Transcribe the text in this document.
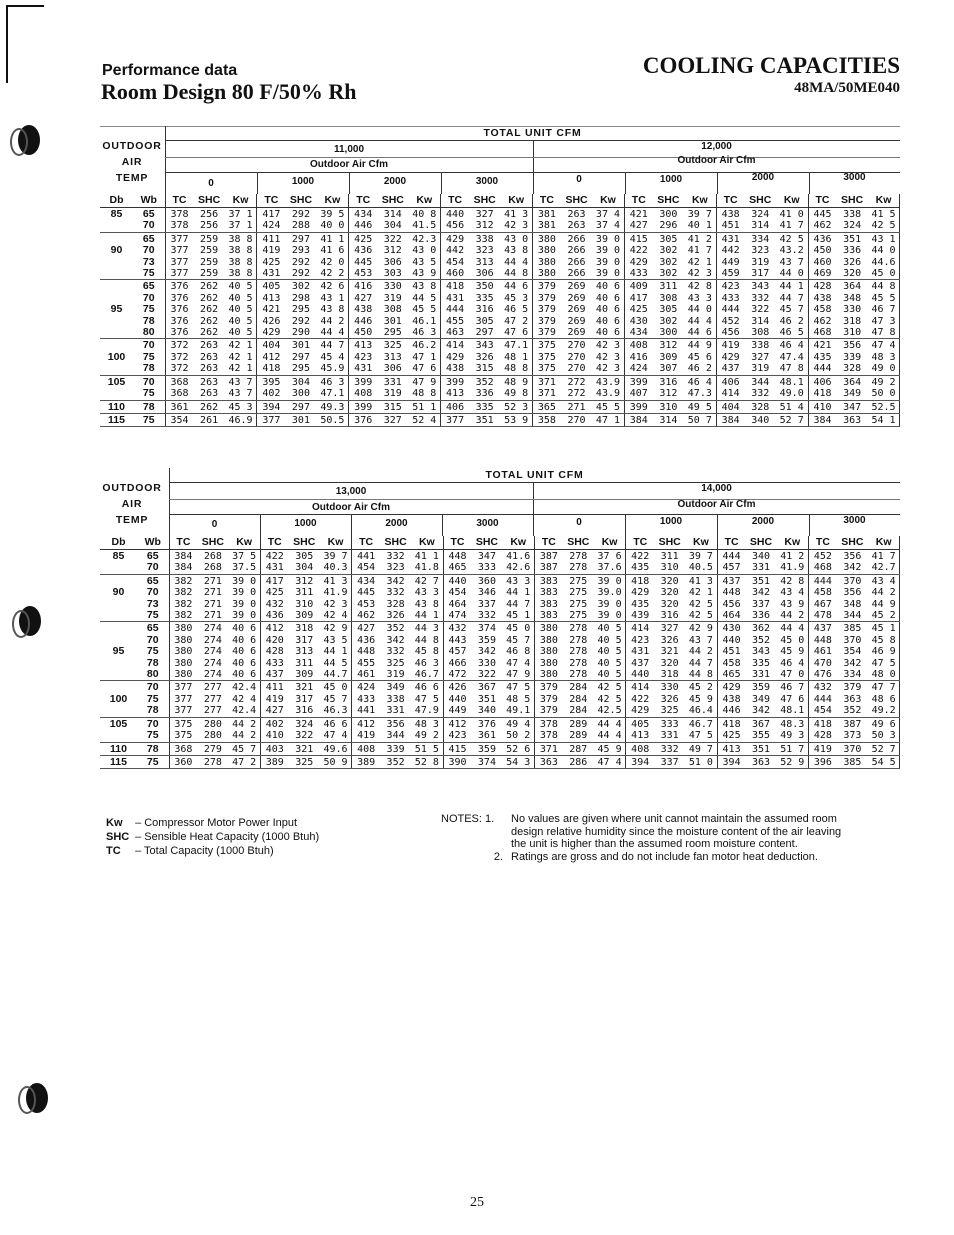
Performance data
Room Design 80 F/50% Rh
COOLING CAPACITIES
48MA/50ME040
OUTDOOR
AIR
TEMP
TOTAL UNIT CFM
11,000	12,000
Outdoor Air Cfm	Outdoor Air Cfm
0	1000	2000	3000	0	1000	2000	3000
Db	Wb	TC	SHC	Kw	TC	SHC	Kw	TC	SHC	Kw	TC	SHC	Kw	TC	SHC	Kw	TC	SHC	Kw	TC	SHC	Kw	TC	SHC	Kw
85	65	378	256	37 1	417	292	39 5	434	314	40 8	440	327	41 3	381	263	37 4	421	300	39 7	438	324	41 0	445	338	41 5
	70	378	256	37 1	424	288	40 0	446	304	41.5	456	312	42 3	381	263	37 4	427	296	40 1	451	314	41 7	462	324	42 5
	65	377	259	38 8	411	297	41 1	425	322	42.3	429	338	43 0	380	266	39 0	415	305	41 2	431	334	42 5	436	351	43 1
90	70	377	259	38 8	419	293	41 6	436	312	43 0	442	323	43 8	380	266	39 0	422	302	41 7	442	323	43.2	450	336	44 0
	73	377	259	38 8	425	292	42 0	445	306	43 5	454	313	44 4	380	266	39 0	429	302	42 1	449	319	43 7	460	326	44.6
	75	377	259	38 8	431	292	42 2	453	303	43 9	460	306	44 8	380	266	39 0	433	302	42 3	459	317	44 0	469	320	45 0
	65	376	262	40 5	405	302	42 6	416	330	43 8	418	350	44 6	379	269	40 6	409	311	42 8	423	343	44 1	428	364	44 8
	70	376	262	40 5	413	298	43 1	427	319	44 5	431	335	45 3	379	269	40 6	417	308	43 3	433	332	44 7	438	348	45 5
95	75	376	262	40 5	421	295	43 8	438	308	45 5	444	316	46 5	379	269	40 6	425	305	44 0	444	322	45 7	458	330	46 7
	78	376	262	40 5	426	292	44 2	446	301	46.1	455	305	47 2	379	269	40 6	430	302	44 4	452	314	46 2	462	318	47 3
	80	376	262	40 5	429	290	44 4	450	295	46 3	463	297	47 6	379	269	40 6	434	300	44 6	456	308	46 5	468	310	47 8
	70	372	263	42 1	404	301	44 7	413	325	46.2	414	343	47.1	375	270	42 3	408	312	44 9	419	338	46 4	421	356	47 4
100	75	372	263	42 1	412	297	45 4	423	313	47 1	429	326	48 1	375	270	42 3	416	309	45 6	429	327	47.4	435	339	48 3
	78	372	263	42 1	418	295	45.9	431	306	47 6	438	315	48 8	375	270	42 3	424	307	46 2	437	319	47 8	444	328	49 0
105	70	368	263	43 7	395	304	46 3	399	331	47 9	399	352	48 9	371	272	43.9	399	316	46 4	406	344	48.1	406	364	49 2
	75	368	263	43 7	402	300	47.1	408	319	48 8	413	336	49 8	371	272	43.9	407	312	47.3	414	332	49.0	418	349	50 0
110	78	361	262	45 3	394	297	49.3	399	315	51 1	406	335	52 3	365	271	45 5	399	310	49 5	404	328	51 4	410	347	52.5
115	75	354	261	46.9	377	301	50.5	376	327	52 4	377	351	53 9	358	270	47 1	384	314	50 7	384	340	52 7	384	363	54 1
OUTDOOR
AIR
TEMP
TOTAL UNIT CFM
13,000	14,000
Outdoor Air Cfm	Outdoor Air Cfm
0	1000	2000	3000	0	1000	2000	3000
Db	Wb	TC	SHC	Kw	TC	SHC	Kw	TC	SHC	Kw	TC	SHC	Kw	TC	SHC	Kw	TC	SHC	Kw	TC	SHC	Kw	TC	SHC	Kw
85	65	384	268	37 5	422	305	39 7	441	332	41 1	448	347	41.6	387	278	37 6	422	311	39 7	444	340	41 2	452	356	41 7
	70	384	268	37.5	431	304	40.3	454	323	41.8	465	333	42.6	387	278	37.6	435	310	40.5	457	331	41.9	468	342	42.7
	65	382	271	39 0	417	312	41 3	434	342	42 7	440	360	43 3	383	275	39 0	418	320	41 3	437	351	42 8	444	370	43 4
90	70	382	271	39 0	425	311	41.9	445	332	43 3	454	346	44 1	383	275	39.0	429	320	42 1	448	342	43 4	458	356	44 2
	73	382	271	39 0	432	310	42 3	453	328	43 8	464	337	44 7	383	275	39 0	435	320	42 5	456	337	43 9	467	348	44 9
	75	382	271	39 0	436	309	42 4	462	326	44 1	474	332	45 1	383	275	39 0	439	316	42 5	464	336	44 2	478	344	45 2
	65	380	274	40 6	412	318	42 9	427	352	44 3	432	374	45 0	380	278	40 5	414	327	42 9	430	362	44 4	437	385	45 1
	70	380	274	40 6	420	317	43 5	436	342	44 8	443	359	45 7	380	278	40 5	423	326	43 7	440	352	45 0	448	370	45 8
95	75	380	274	40 6	428	313	44 1	448	332	45 8	457	342	46 8	380	278	40 5	431	321	44 2	451	343	45 9	461	354	46 9
	78	380	274	40 6	433	311	44 5	455	325	46 3	466	330	47 4	380	278	40 5	437	320	44 7	458	335	46 4	470	342	47 5
	80	380	274	40 6	437	309	44.7	461	319	46.7	472	322	47 9	380	278	40 5	440	318	44 8	465	331	47 0	476	334	48 0
	70	377	277	42.4	411	321	45 0	424	349	46 6	426	367	47 5	379	284	42 5	414	330	45 2	429	359	46 7	432	379	47 7
100	75	377	277	42 4	419	317	45 7	433	338	47 5	440	351	48 5	379	284	42 5	422	326	45 9	438	349	47 6	444	363	48 6
	78	377	277	42.4	427	316	46.3	441	331	47.9	449	340	49.1	379	284	42.5	429	325	46.4	446	342	48.1	454	352	49.2
105	70	375	280	44 2	402	324	46 6	412	356	48 3	412	376	49 4	378	289	44 4	405	333	46.7	418	367	48.3	418	387	49 6
	75	375	280	44 2	410	322	47 4	419	344	49 2	423	361	50 2	378	289	44 4	413	331	47 5	425	355	49 3	428	373	50 3
110	78	368	279	45 7	403	321	49.6	408	339	51 5	415	359	52 6	371	287	45 9	408	332	49 7	413	351	51 7	419	370	52 7
115	75	360	278	47 2	389	325	50 9	389	352	52 8	390	374	54 3	363	286	47 4	394	337	51 0	394	363	52 9	396	385	54 5
Kw – Compressor Motor Power Input
SHC – Sensible Heat Capacity (1000 Btuh)
TC – Total Capacity (1000 Btuh)
NOTES: 1.	No values are given where unit cannot maintain the assumed room
design relative humidity since the moisture content of the air leaving
the unit is higher than the assumed room moisture content.
2. Ratings are gross and do not include fan motor heat deduction.
25
